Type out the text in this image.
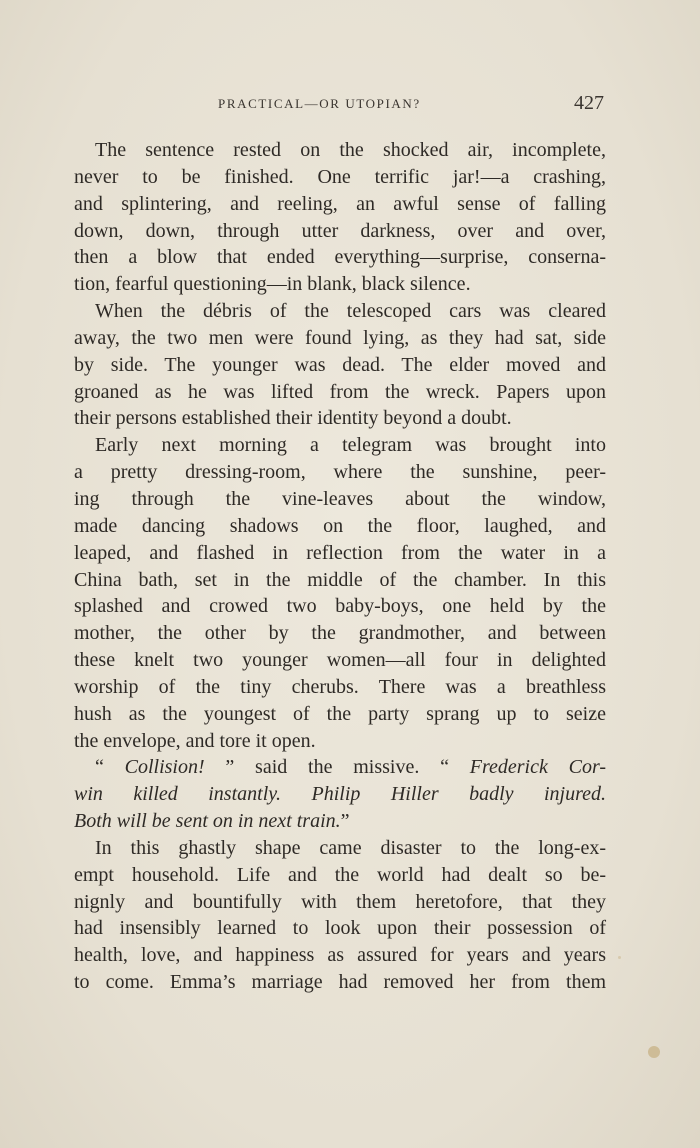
PRACTICAL—OR UTOPIAN?	427
The sentence rested on the shocked air, incomplete,
never to be finished. One terrific jar!—a crashing,
and splintering, and reeling, an awful sense of falling
down, down, through utter darkness, over and over,
then a blow that ended everything—surprise, conserna-
tion, fearful questioning—in blank, black silence.
When the débris of the telescoped cars was cleared
away, the two men were found lying, as they had sat, side
by side. The younger was dead. The elder moved and
groaned as he was lifted from the wreck. Papers upon
their persons established their identity beyond a doubt.
Early next morning a telegram was brought into
a pretty dressing-room, where the sunshine, peer-
ing through the vine-leaves about the window,
made dancing shadows on the floor, laughed, and
leaped, and flashed in reflection from the water in a
China bath, set in the middle of the chamber. In this
splashed and crowed two baby-boys, one held by the
mother, the other by the grandmother, and between
these knelt two younger women—all four in delighted
worship of the tiny cherubs. There was a breathless
hush as the youngest of the party sprang up to seize
the envelope, and tore it open.
“ Collision! ” said the missive. “ Frederick Cor-
win killed instantly. Philip Hiller badly injured.
Both will be sent on in next train.”
In this ghastly shape came disaster to the long-ex-
empt household. Life and the world had dealt so be-
nignly and bountifully with them heretofore, that they
had insensibly learned to look upon their possession of
health, love, and happiness as assured for years and years
to come. Emma’s marriage had removed her from them
